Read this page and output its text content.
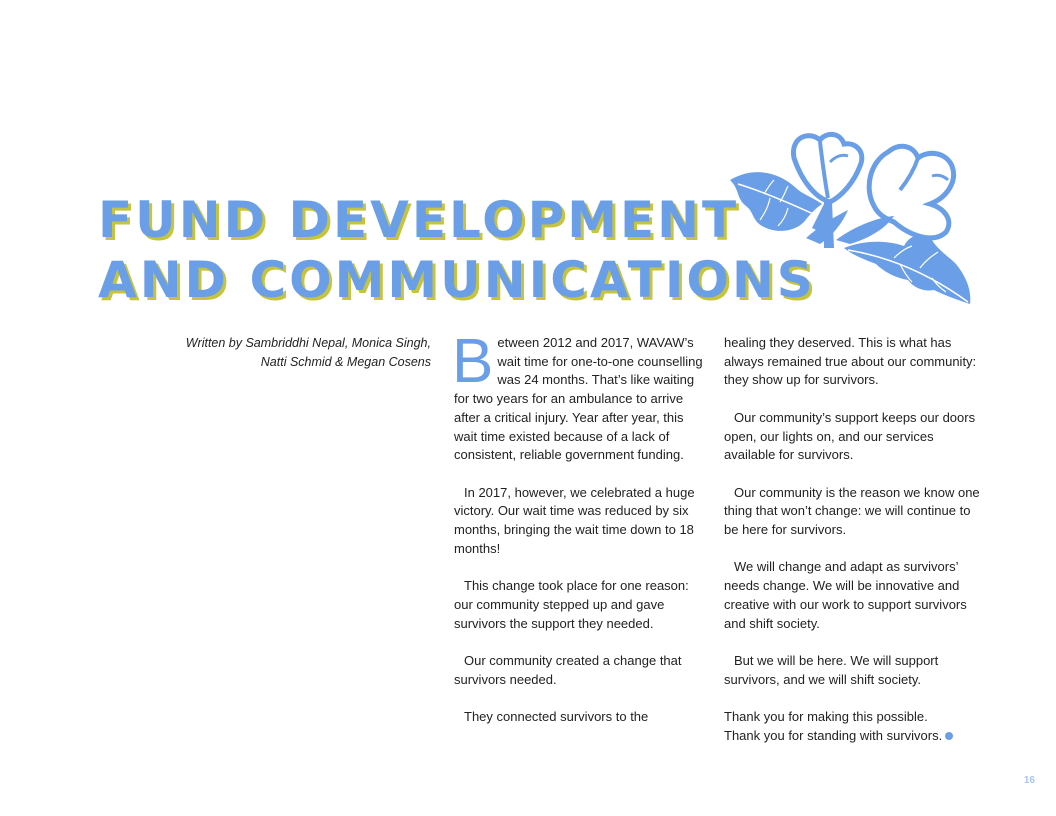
FUND DEVELOPMENT
AND COMMUNICATIONS
Written by Sambriddhi Nepal, Monica Singh,
Natti Schmid & Megan Cosens Between 2012 and 2017, WAVAW’s wait time for one-to-one counselling was 24 months. That’s like waiting for two years for an ambulance to arrive after a critical injury. Year after year, this wait time existed because of a lack of consistent, reliable government funding.

In 2017, however, we celebrated a huge victory. Our wait time was reduced by six months, bringing the wait time down to 18 months!

This change took place for one reason: our community stepped up and gave survivors the support they needed.

Our community created a change that survivors needed.

They connected survivors to the

healing they deserved. This is what has always remained true about our community: they show up for survivors.

Our community’s support keeps our doors open, our lights on, and our services available for survivors.

Our community is the reason we know one thing that won’t change: we will continue to be here for survivors.

We will change and adapt as survivors’ needs change. We will be innovative and creative with our work to support survivors and shift society.

But we will be here. We will support survivors, and we will shift society.

Thank you for making this possible.
Thank you for standing with survivors.

16
